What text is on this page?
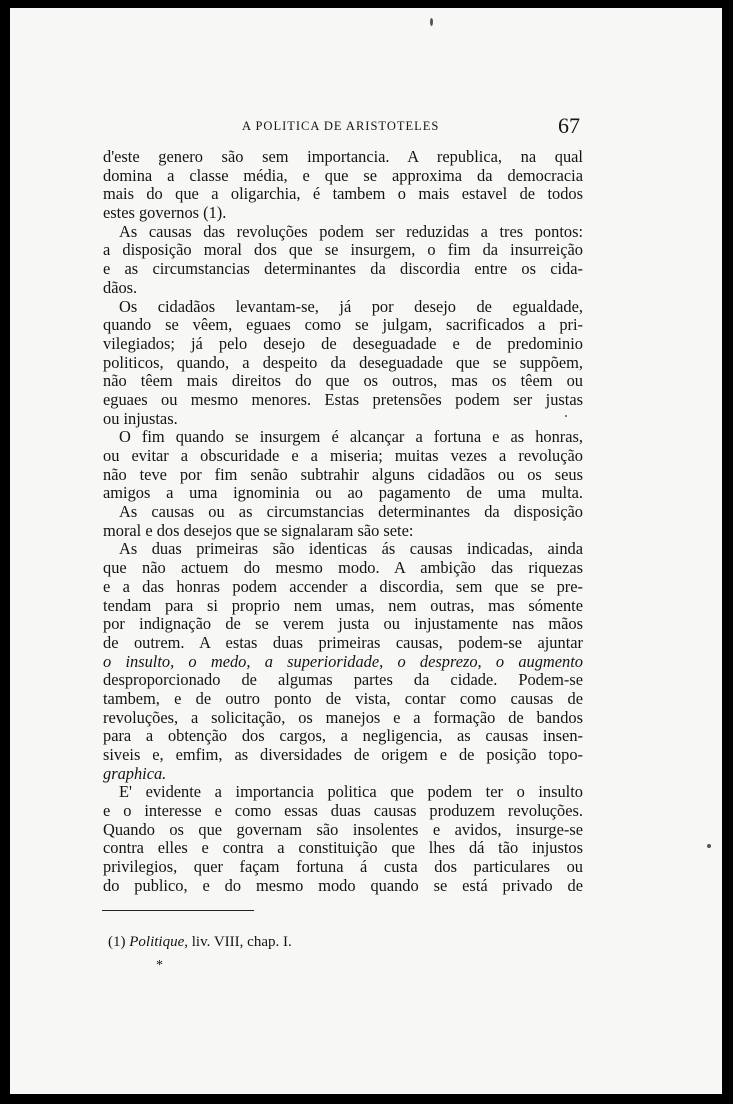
A POLITICA DE ARISTOTELES	67
d'este genero são sem importancia. A republica, na qual
domina a classe média, e que se approxima da democracia
mais do que a oligarchia, é tambem o mais estavel de todos
estes governos (1).
As causas das revoluções podem ser reduzidas a tres pontos:
a disposição moral dos que se insurgem, o fim da insurreição
e as circumstancias determinantes da discordia entre os cida-
dãos.
Os cidadãos levantam-se, já por desejo de egualdade,
quando se vêem, eguaes como se julgam, sacrificados a pri-
vilegiados; já pelo desejo de deseguadade e de predominio
politicos, quando, a despeito da deseguadade que se suppõem,
não têem mais direitos do que os outros, mas os têem ou
eguaes ou mesmo menores. Estas pretensões podem ser justas
ou injustas.
O fim quando se insurgem é alcançar a fortuna e as honras,
ou evitar a obscuridade e a miseria; muitas vezes a revolução
não teve por fim senão subtrahir alguns cidadãos ou os seus
amigos a uma ignominia ou ao pagamento de uma multa.
As causas ou as circumstancias determinantes da disposição
moral e dos desejos que se signalaram são sete:
As duas primeiras são identicas ás causas indicadas, ainda
que não actuem do mesmo modo. A ambição das riquezas
e a das honras podem accender a discordia, sem que se pre-
tendam para si proprio nem umas, nem outras, mas sómente
por indignação de se verem justa ou injustamente nas mãos
de outrem. A estas duas primeiras causas, podem-se ajuntar
o insulto, o medo, a superioridade, o desprezo, o augmento
desproporcionado de algumas partes da cidade. Podem-se
tambem, e de outro ponto de vista, contar como causas de
revoluções, a solicitação, os manejos e a formação de bandos
para a obtenção dos cargos, a negligencia, as causas insen-
siveis e, emfim, as diversidades de origem e de posição topo-
graphica.
E' evidente a importancia politica que podem ter o insulto
e o interesse e como essas duas causas produzem revoluções.
Quando os que governam são insolentes e avidos, insurge-se
contra elles e contra a constituição que lhes dá tão injustos
privilegios, quer façam fortuna á custa dos particulares ou
do publico, e do mesmo modo quando se está privado de
(1) Politique, liv. VIII, chap. I.
*
